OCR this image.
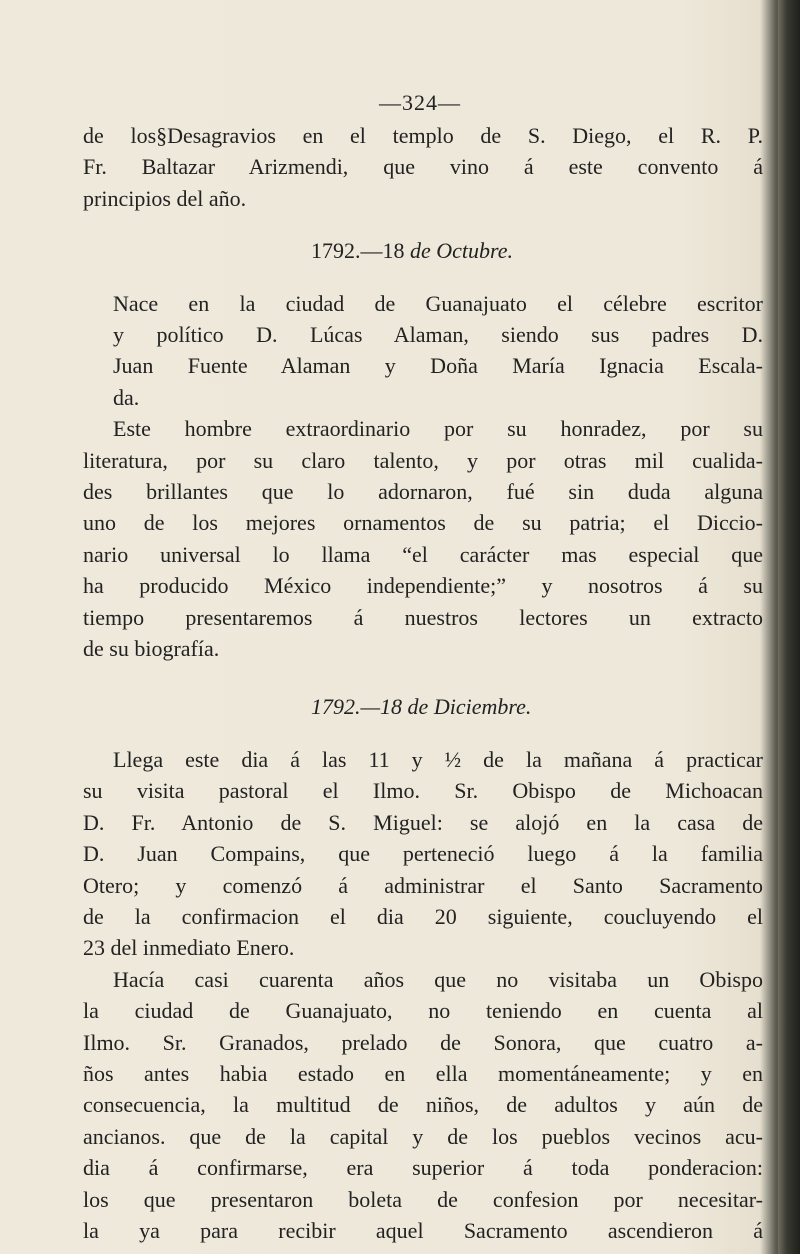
—324—
de los§Desagravios en el templo de S. Diego, el R. P.
Fr. Baltazar Arizmendi, que vino á este convento á
principios del año.
1792.—18 de Octubre.
Nace en la ciudad de Guanajuato el célebre escritor
y político D. Lúcas Alaman, siendo sus padres D.
Juan Fuente Alaman y Doña María Ignacia Escala-
da.
Este hombre extraordinario por su honradez, por su
literatura, por su claro talento, y por otras mil cualida-
des brillantes que lo adornaron, fué sin duda alguna
uno de los mejores ornamentos de su patria; el Diccio-
nario universal lo llama “el carácter mas especial que
ha producido México independiente;” y nosotros á su
tiempo presentaremos á nuestros lectores un extracto
de su biografía.
1792.—18 de Diciembre.
Llega este dia á las 11 y ½ de la mañana á practicar
su visita pastoral el Ilmo. Sr. Obispo de Michoacan
D. Fr. Antonio de S. Miguel: se alojó en la casa de
D. Juan Compains, que perteneció luego á la familia
Otero; y comenzó á administrar el Santo Sacramento
de la confirmacion el dia 20 siguiente, coucluyendo el
23 del inmediato Enero.
Hacía casi cuarenta años que no visitaba un Obispo
la ciudad de Guanajuato, no teniendo en cuenta al
Ilmo. Sr. Granados, prelado de Sonora, que cuatro a-
ños antes habia estado en ella momentáneamente; y en
consecuencia, la multitud de niños, de adultos y aún de
ancianos. que de la capital y de los pueblos vecinos acu-
dia á confirmarse, era superior á toda ponderacion:
los que presentaron boleta de confesion por necesitar-
la ya para recibir aquel Sacramento ascendieron á
